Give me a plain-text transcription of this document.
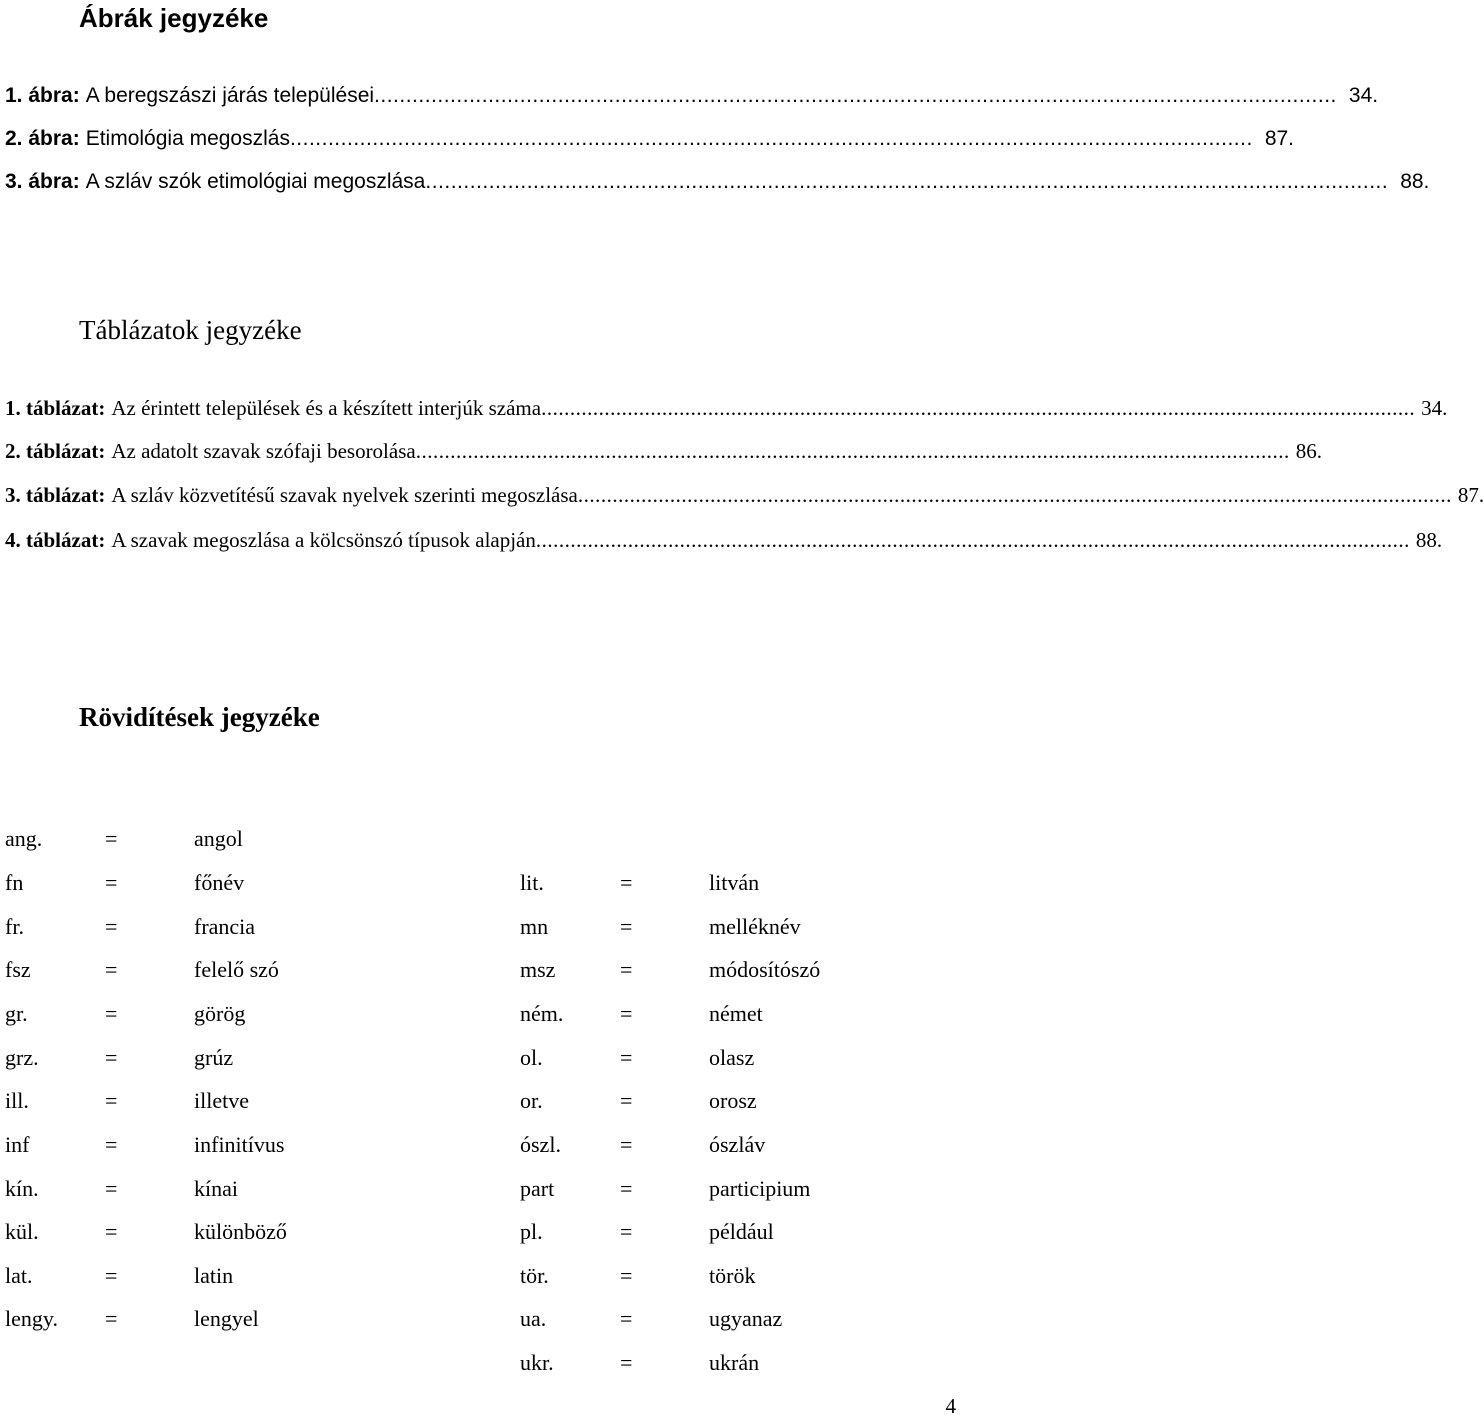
Ábrák jegyzéke
1. ábra: A beregszászi járás települései ........................................................................................................................................................ 34.
2. ábra: Etimológia megoszlás ........................................................................................................................................................ 87.
3. ábra: A szláv szók etimológiai megoszlása ........................................................................................................................................................ 88.
Táblázatok jegyzéke
1. táblázat: Az érintett települések és a készített interjúk száma ........................................................................................................................................................ 34.
2. táblázat: Az adatolt szavak szófaji besorolása ........................................................................................................................................................ 86.
3. táblázat: A szláv közvetítésű szavak nyelvek szerinti megoszlása ........................................................................................................................................................ 87.
4. táblázat: A szavak megoszlása a kölcsönszó típusok alapján ........................................................................................................................................................ 88.
Rövidítések jegyzéke
ang.	=	angol
fn	=	főnév
fr.	=	francia
fsz	=	felelő szó
gr.	=	görög
grz.	=	grúz
ill.	=	illetve
inf	=	infinitívus
kín.	=	kínai
kül.	=	különböző
lat.	=	latin
lengy. =	lengyel
lit.	=	litván
mn	=	melléknév
msz	=	módosítószó
ném.	=	német
ol.	=	olasz
or.	=	orosz
ószl.	=	ószláv
part	=	participium
pl.	=	például
tör.	=	török
ua.	=	ugyanaz
ukr.	=	ukrán
4
